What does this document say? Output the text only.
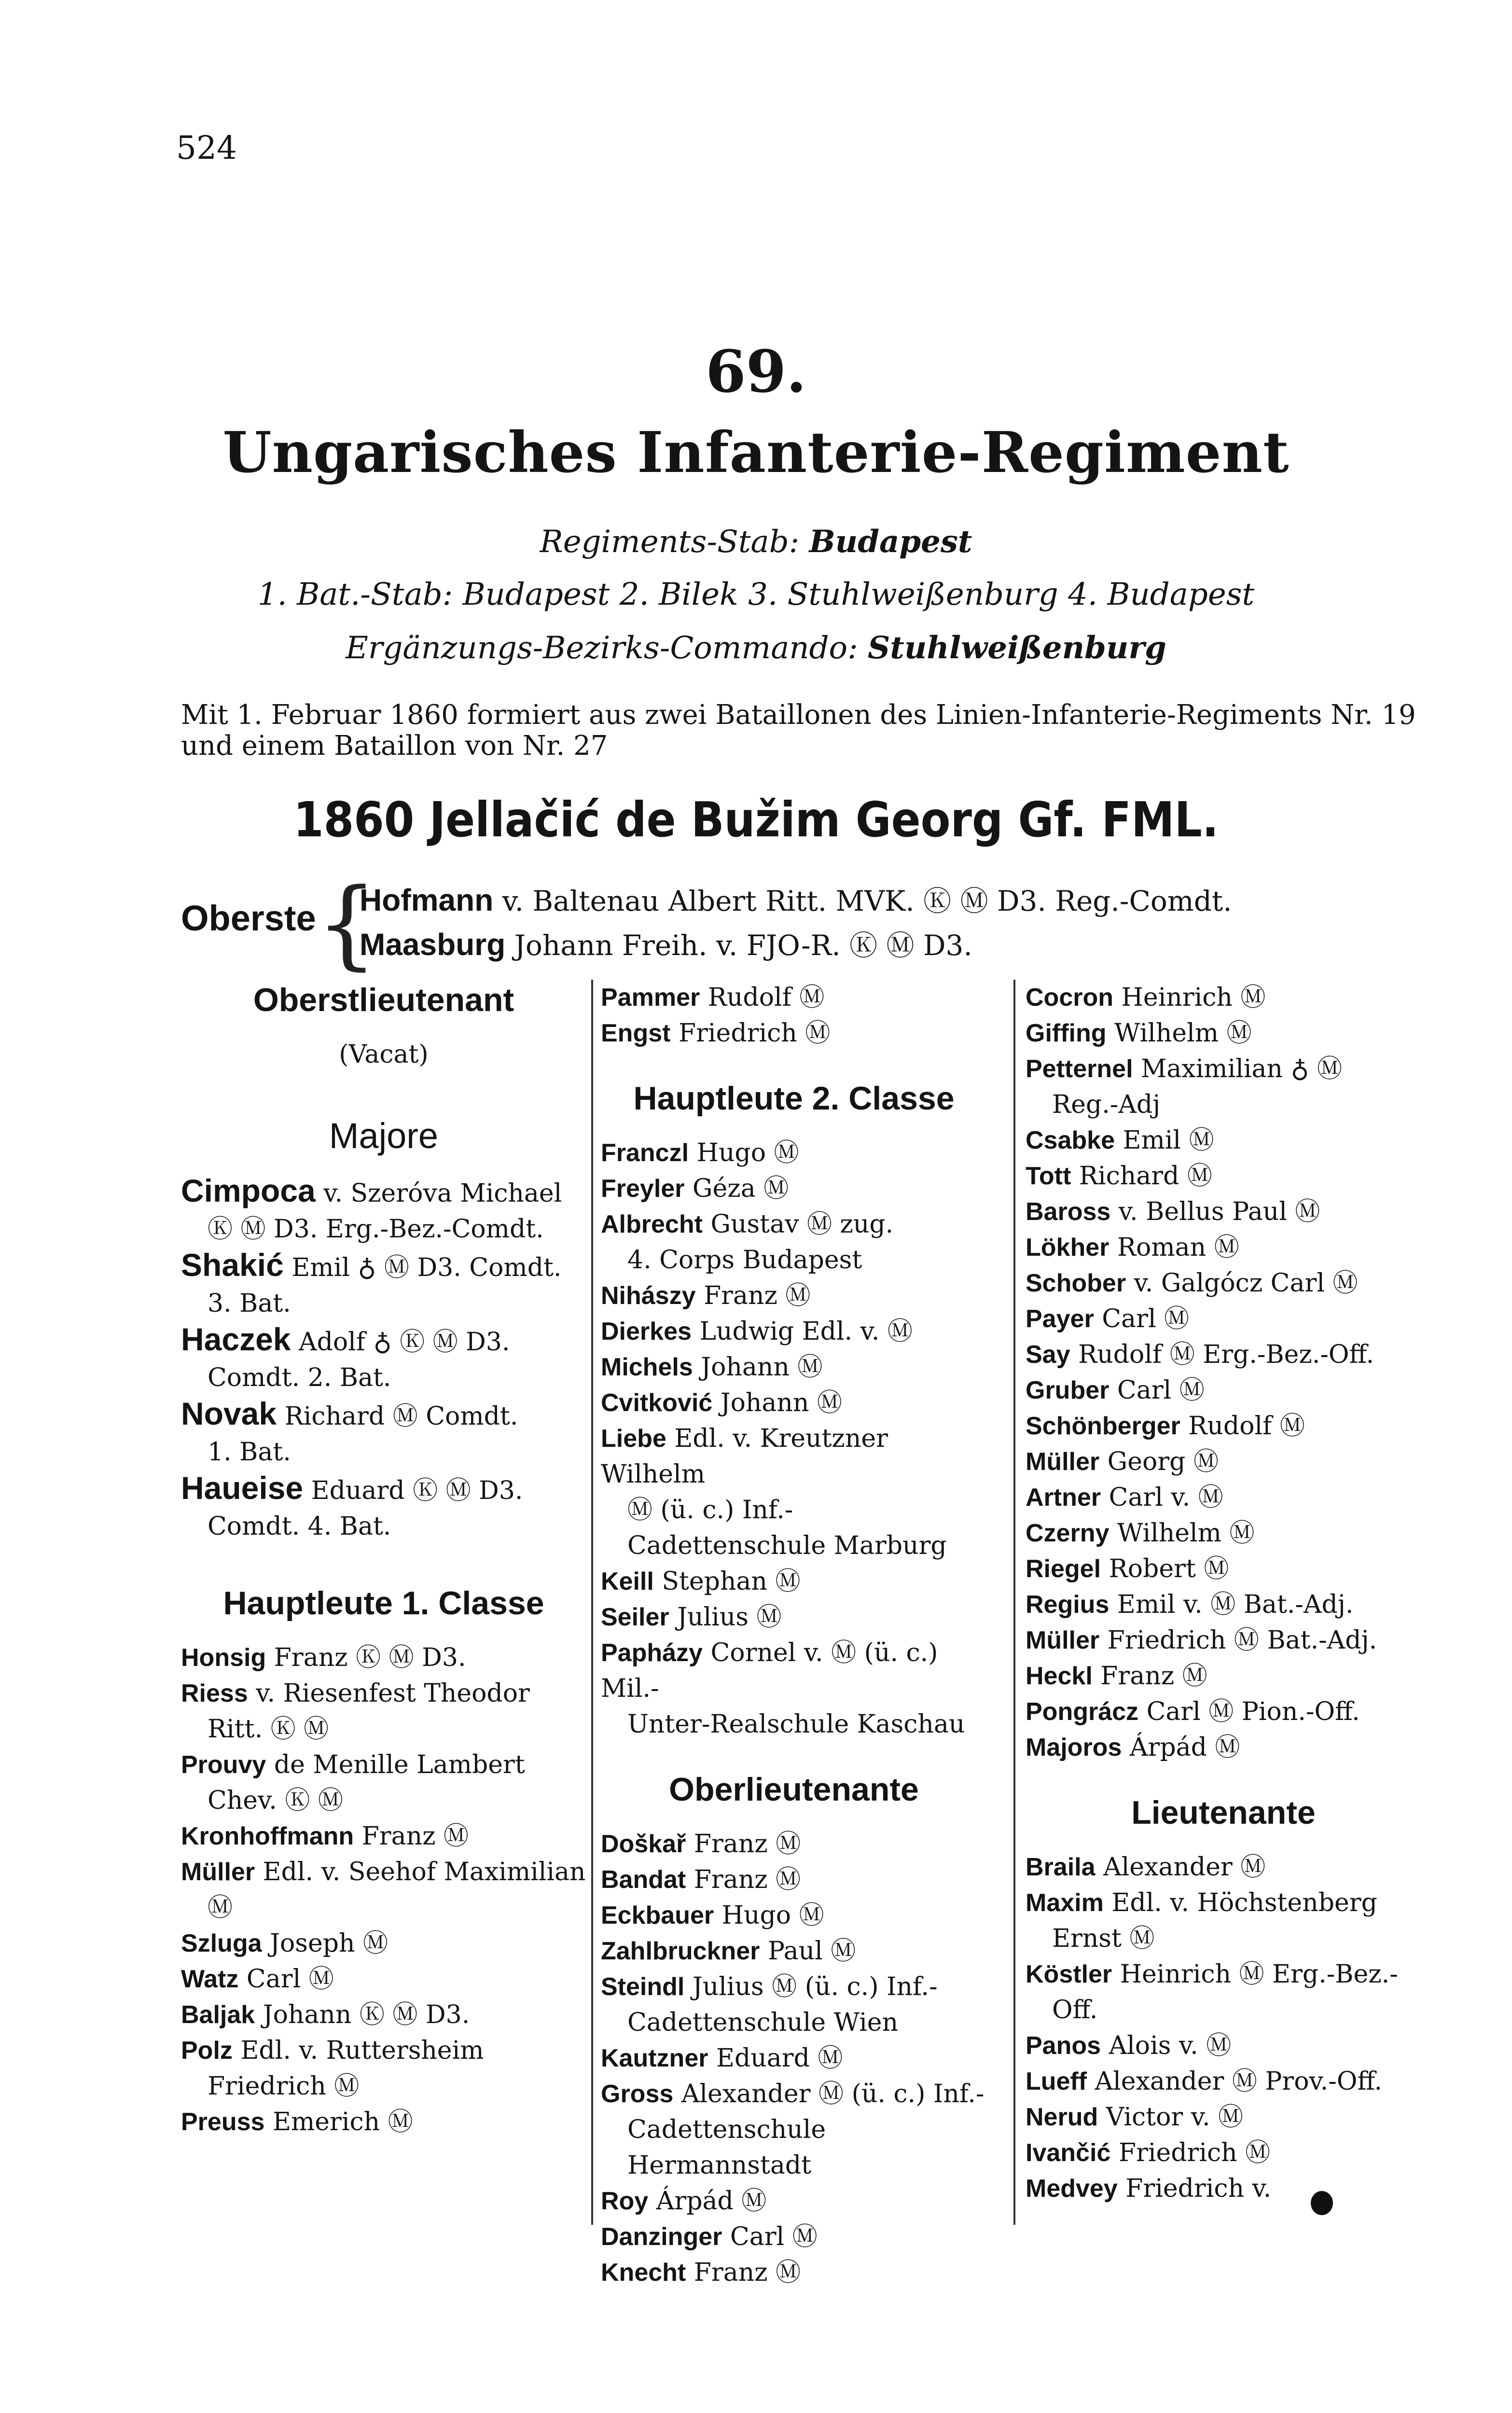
524
69.
Ungarisches Infanterie-Regiment
Regiments-Stab: Budapest
1. Bat.-Stab: Budapest 2. Bilek 3. Stuhlweißenburg 4. Budapest
Ergänzungs-Bezirks-Commando: Stuhlweißenburg
Mit 1. Februar 1860 formiert aus zwei Bataillonen des Linien-Infanterie-Regiments Nr. 19 und einem Bataillon von Nr. 27
1860 Jellačić de Bužim Georg Gf. FML.
Oberste {
Hofmann v. Baltenau Albert Ritt. MVK. Ⓚ Ⓜ D3. Reg.-Comdt.
Maasburg Johann Freih. v. FJO-R. Ⓚ Ⓜ D3.
Oberstlieutenant
(Vacat)
Majore
Cimpoca v. Szeróva Michael
Ⓚ Ⓜ D3. Erg.-Bez.-Comdt.
Shakić Emil ♁ Ⓜ D3. Comdt.
3. Bat.
Haczek Adolf ♁ Ⓚ Ⓜ D3.
Comdt. 2. Bat.
Novak Richard Ⓜ Comdt.
1. Bat.
Haueise Eduard Ⓚ Ⓜ D3.
Comdt. 4. Bat.
Hauptleute 1. Classe
Honsig Franz Ⓚ Ⓜ D3.
Riess v. Riesenfest Theodor
Ritt. Ⓚ Ⓜ
Prouvy de Menille Lambert
Chev. Ⓚ Ⓜ
Kronhoffmann Franz Ⓜ
Müller Edl. v. Seehof Maximilian
Ⓜ
Szluga Joseph Ⓜ
Watz Carl Ⓜ
Baljak Johann Ⓚ Ⓜ D3.
Polz Edl. v. Ruttersheim
Friedrich Ⓜ
Preuss Emerich Ⓜ
Pammer Rudolf Ⓜ
Engst Friedrich Ⓜ
Hauptleute 2. Classe
Franczl Hugo Ⓜ
Freyler Géza Ⓜ
Albrecht Gustav Ⓜ zug.
4. Corps Budapest
Nihászy Franz Ⓜ
Dierkes Ludwig Edl. v. Ⓜ
Michels Johann Ⓜ
Cvitković Johann Ⓜ
Liebe Edl. v. Kreutzner Wilhelm
Ⓜ (ü. c.) Inf.-Cadettenschule Marburg
Keill Stephan Ⓜ
Seiler Julius Ⓜ
Papházy Cornel v. Ⓜ (ü. c.) Mil.-
Unter-Realschule Kaschau
Oberlieutenante
Doškař Franz Ⓜ
Bandat Franz Ⓜ
Eckbauer Hugo Ⓜ
Zahlbruckner Paul Ⓜ
Steindl Julius Ⓜ (ü. c.) Inf.-
Cadettenschule Wien
Kautzner Eduard Ⓜ
Gross Alexander Ⓜ (ü. c.) Inf.-
Cadettenschule Hermannstadt
Roy Árpád Ⓜ
Danzinger Carl Ⓜ
Knecht Franz Ⓜ
Cocron Heinrich Ⓜ
Giffing Wilhelm Ⓜ
Petternel Maximilian ♁ Ⓜ
Reg.-Adj
Csabke Emil Ⓜ
Tott Richard Ⓜ
Baross v. Bellus Paul Ⓜ
Lökher Roman Ⓜ
Schober v. Galgócz Carl Ⓜ
Payer Carl Ⓜ
Say Rudolf Ⓜ Erg.-Bez.-Off.
Gruber Carl Ⓜ
Schönberger Rudolf Ⓜ
Müller Georg Ⓜ
Artner Carl v. Ⓜ
Czerny Wilhelm Ⓜ
Riegel Robert Ⓜ
Regius Emil v. Ⓜ Bat.-Adj.
Müller Friedrich Ⓜ Bat.-Adj.
Heckl Franz Ⓜ
Pongrácz Carl Ⓜ Pion.-Off.
Majoros Árpád Ⓜ
Lieutenante
Braila Alexander Ⓜ
Maxim Edl. v. Höchstenberg
Ernst Ⓜ
Köstler Heinrich Ⓜ Erg.-Bez.-
Off.
Panos Alois v. Ⓜ
Lueff Alexander Ⓜ Prov.-Off.
Nerud Victor v. Ⓜ
Ivančić Friedrich Ⓜ
Medvey Friedrich v.
